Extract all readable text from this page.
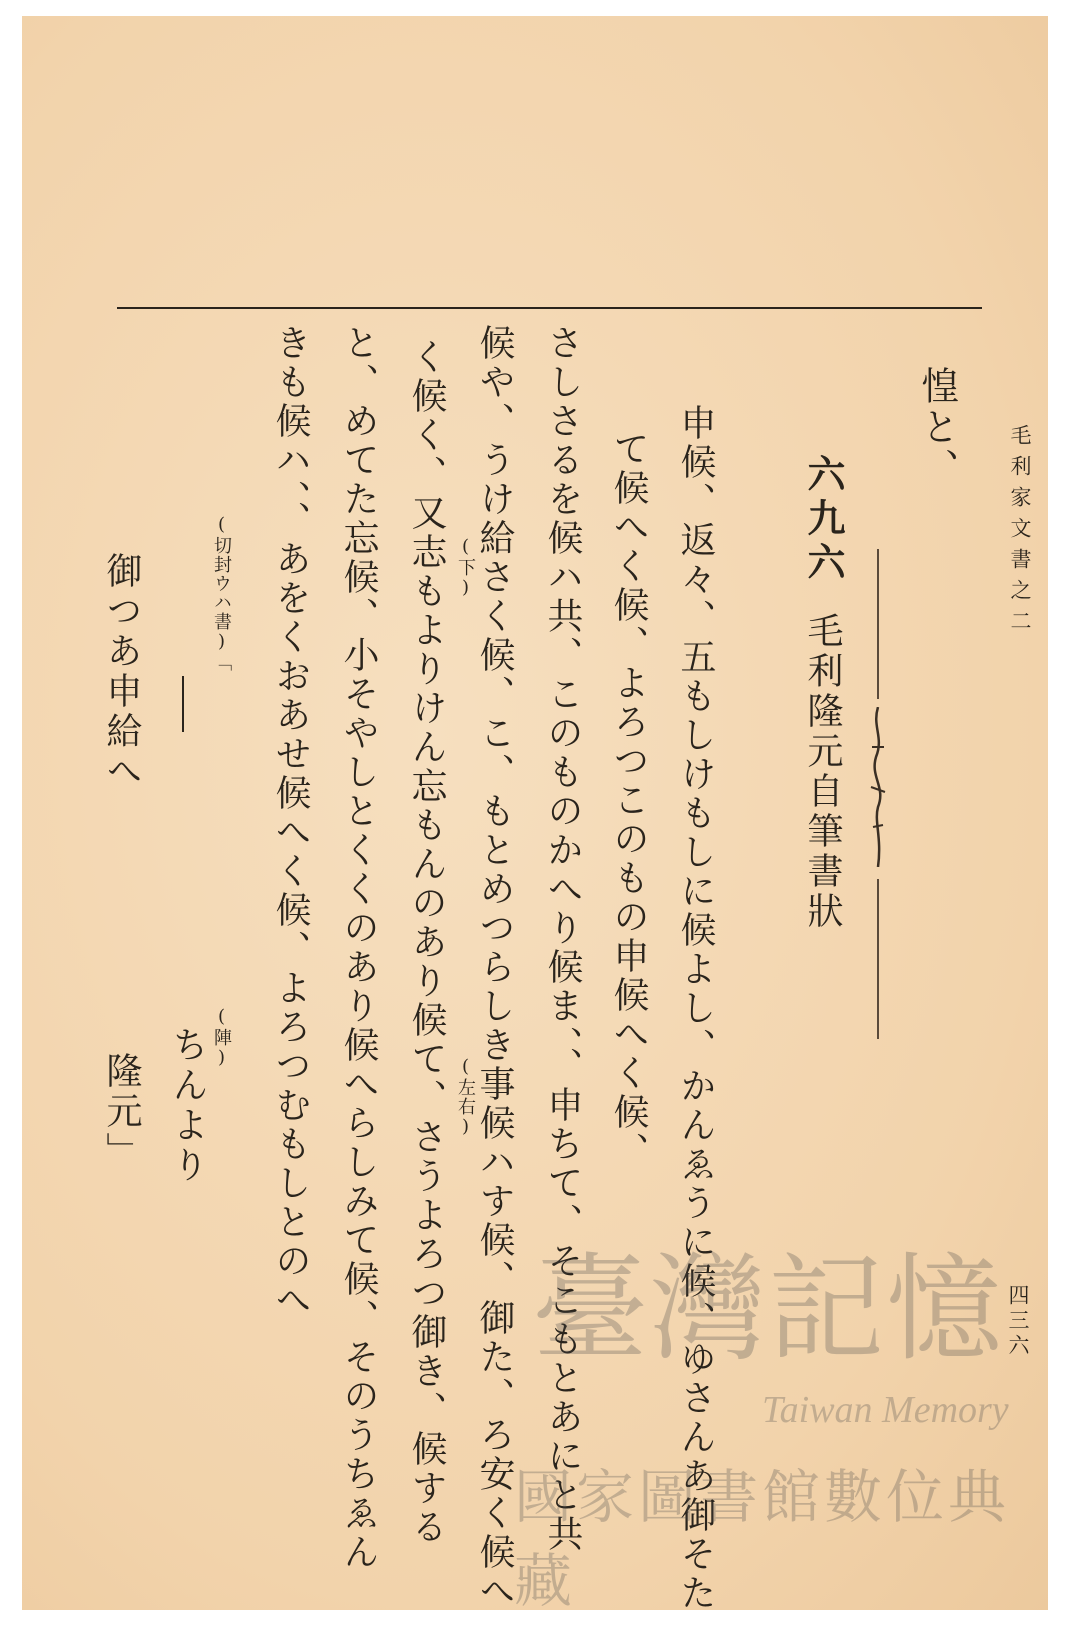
毛利家文書之二
四三六
惶と、
六九六
毛利隆元自筆書狀
申候、返々、五もしけもしに候よし、かんゑうに候、ゆさんあ御そた
て候へく候、よろつこのもの申候へく候、
さしさるを候ハ共、このものかへり候ま、、申ちて、そこもとあにと共
候や、うけ給さく候、こ、もとめつらしき事候ハす候、御た、ろ安く候へ
(下)
く候く、又志もよりけん忘もんのあり候て、さうよろつ御き、候する (左右)
と、めてた忘候、小そやしとくくのあり候へらしみて候、そのうちゑん
きも候ハ、、あをくおあせ候へく候、よろつむもしとのへ
(切封ウハ書)「
(陣)
ちんより
御つあ申給へ
隆元」
臺灣記憶
Taiwan Memory
國家圖書館數位典藏
